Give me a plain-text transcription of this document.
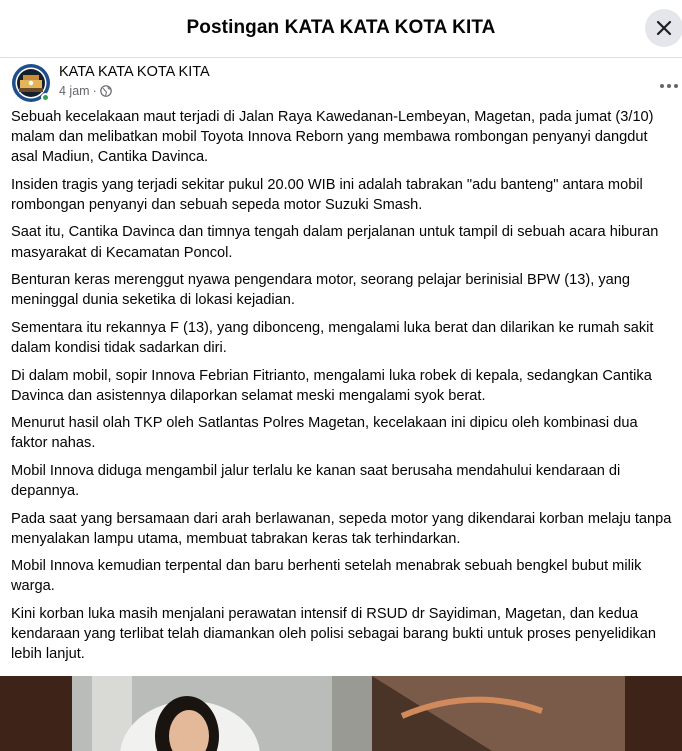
Postingan KATA KATA KOTA KITA
KATA KATA KOTA KITA
4 jam ·

Sebuah kecelakaan maut terjadi di Jalan Raya Kawedanan-Lembeyan, Magetan, pada jumat (3/10) malam dan melibatkan mobil Toyota Innova Reborn yang membawa rombongan penyanyi dangdut asal Madiun, Cantika Davinca.

Insiden tragis yang terjadi sekitar pukul 20.00 WIB ini adalah tabrakan "adu banteng" antara mobil rombongan penyanyi dan sebuah sepeda motor Suzuki Smash.

Saat itu, Cantika Davinca dan timnya tengah dalam perjalanan untuk tampil di sebuah acara hiburan masyarakat di Kecamatan Poncol.

Benturan keras merenggut nyawa pengendara motor, seorang pelajar berinisial BPW (13), yang meninggal dunia seketika di lokasi kejadian.

Sementara itu rekannya F (13), yang dibonceng, mengalami luka berat dan dilarikan ke rumah sakit dalam kondisi tidak sadarkan diri.

Di dalam mobil, sopir Innova Febrian Fitrianto, mengalami luka robek di kepala, sedangkan Cantika Davinca dan asistennya dilaporkan selamat meski mengalami syok berat.

Menurut hasil olah TKP oleh Satlantas Polres Magetan, kecelakaan ini dipicu oleh kombinasi dua faktor nahas.

Mobil Innova diduga mengambil jalur terlalu ke kanan saat berusaha mendahului kendaraan di depannya.

Pada saat yang bersamaan dari arah berlawanan, sepeda motor yang dikendarai korban melaju tanpa menyalakan lampu utama, membuat tabrakan keras tak terhindarkan.

Mobil Innova kemudian terpental dan baru berhenti setelah menabrak sebuah bengkel bubut milik warga.

Kini korban luka masih menjalani perawatan intensif di RSUD dr Sayidiman, Magetan, dan kedua kendaraan yang terlibat telah diamankan oleh polisi sebagai barang bukti untuk proses penyelidikan lebih lanjut.
